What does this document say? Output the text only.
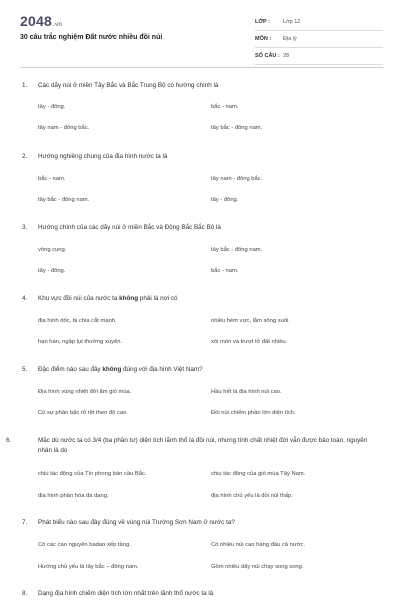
2048.vn
30 câu trắc nghiệm Đất nước nhiều đồi núi
LỚP :	Lớp 12
MÔN :	Địa lý
SỐ CÂU : 28
1. Các dãy núi ở miền Tây Bắc và Bắc Trung Bộ có hướng chính là
tây - đông.	bắc - nam.
tây nam - đông bắc.	tây bắc - đông nam.
2. Hướng nghiêng chung của địa hình nước ta là
bắc - nam.	tây nam - đông bắc.
tây bắc - đông nam.	tây - đông.
3. Hướng chính của các dãy núi ở miền Bắc và Đông Bắc Bắc Bộ là
vòng cung.	tây bắc - đông nam.
tây - đông.	bắc - nam.
4. Khu vực đồi núi của nước ta không phải là nơi có
địa hình dốc, bị chia cắt mạnh.	nhiều hẻm vực, lắm sông suối.
hạn hán, ngập lụt thường xuyên.	xói mòn và trượt lở đất nhiều.
5. Đặc điểm nào sau đây không đúng với địa hình Việt Nam?
Địa hình vùng nhiệt đới ẩm gió mùa.	Hầu hết là địa hình núi cao.
Có sự phân bậc rõ rệt theo độ cao.	Đồi núi chiếm phần lớn diện tích.
6.	Mặc dù nước ta có 3/4 (ba phần tư) diện tích lãnh thổ là đồi núi, nhưng tính chất nhiệt đới vẫn được bảo toàn, nguyên nhân là do
chịu tác động của Tín phong bán cầu Bắc.	chịu tác động của gió mùa Tây Nam.
địa hình phân hóa đa dạng.	địa hình chủ yếu là đồi núi thấp.
7. Phát biểu nào sau đây đúng về vùng núi Trường Sơn Nam ở nước ta?
Có các cao nguyên badan xếp tầng.	Có nhiều núi cao hàng đầu cả nước.
Hướng chủ yếu là tây bắc – đông nam.	Gồm nhiều dãy núi chạy song song.
8. Dạng địa hình chiếm diện tích lớn nhất trên lãnh thổ nước ta là
